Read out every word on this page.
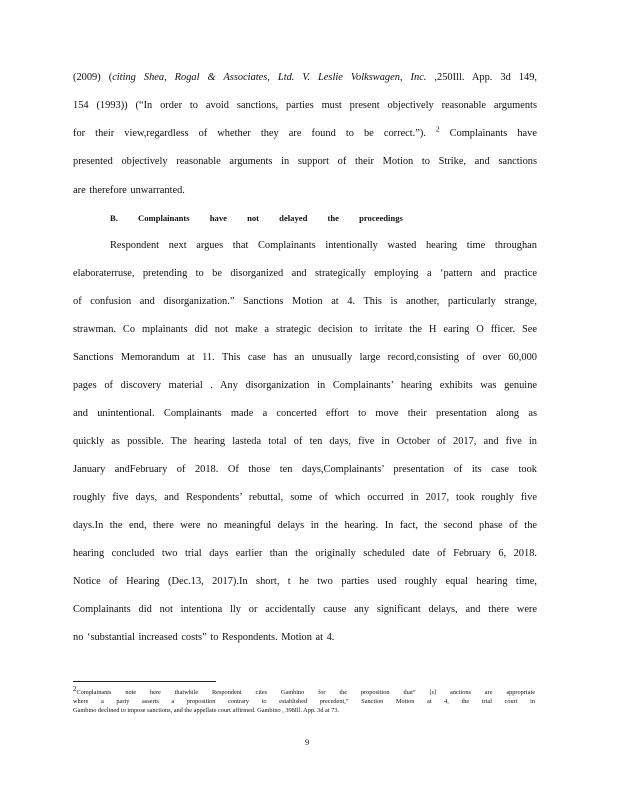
(2009) (citing Shea, Rogal & Associates, Ltd. V. Leslie Volkswagen, Inc. ,250Ill. App. 3d 149,
154 (1993)) (“In order to avoid sanctions, parties must present objectively reasonable arguments
for their view,regardless of whether they are found to be correct.”). $^2$ Complainants have
presented objectively reasonable arguments in support of their Motion to Strike, and sanctions
are therefore unwarranted.
B. Complainants have not delayed the proceedings
Respondent next argues that Complainants intentionally wasted hearing time throughan
elaboraterruse, pretending to be disorganized and strategically employing a ‘pattern and practice
of confusion and disorganization.” Sanctions Motion at 4. This is another, particularly strange,
strawman. Co mplainants did not make a strategic decision to irritate the H earing O fficer. See
Sanctions Memorandum at 11. This case has an unusually large record,consisting of over 60,000
pages of discovery material . Any disorganization in Complainants’ hearing exhibits was genuine
and unintentional. Complainants made a concerted effort to move their presentation along as
quickly as possible. The hearing lasteda total of ten days, five in October of 2017, and five in
January andFebruary of 2018. Of those ten days,Complainants’ presentation of its case took
roughly five days, and Respondents’ rebuttal, some of which occurred in 2017, took roughly five
days.In the end, there were no meaningful delays in the hearing. In fact, the second phase of the
hearing concluded two trial days earlier than the originally scheduled date of February 6, 2018.
Notice of Hearing (Dec.13, 2017).In short, t he two parties used roughly equal hearing time,
Complainants did not intentiona lly or accidentally cause any significant delays, and there were
no ‘substantial increased costs” to Respondents. Motion at 4.
$^2$Complainants note here thatwhile Respondent cites Gambino for the proposition that“ [s] anctions are appropriate
where a party asserts a proposition contrary to established precedent,” Sanction Motion at 4, the trial court in
Gambino declined to impose sanctions, and the appellate court affirmed. Gambino , 398Ill. App. 3d at 73.
9
